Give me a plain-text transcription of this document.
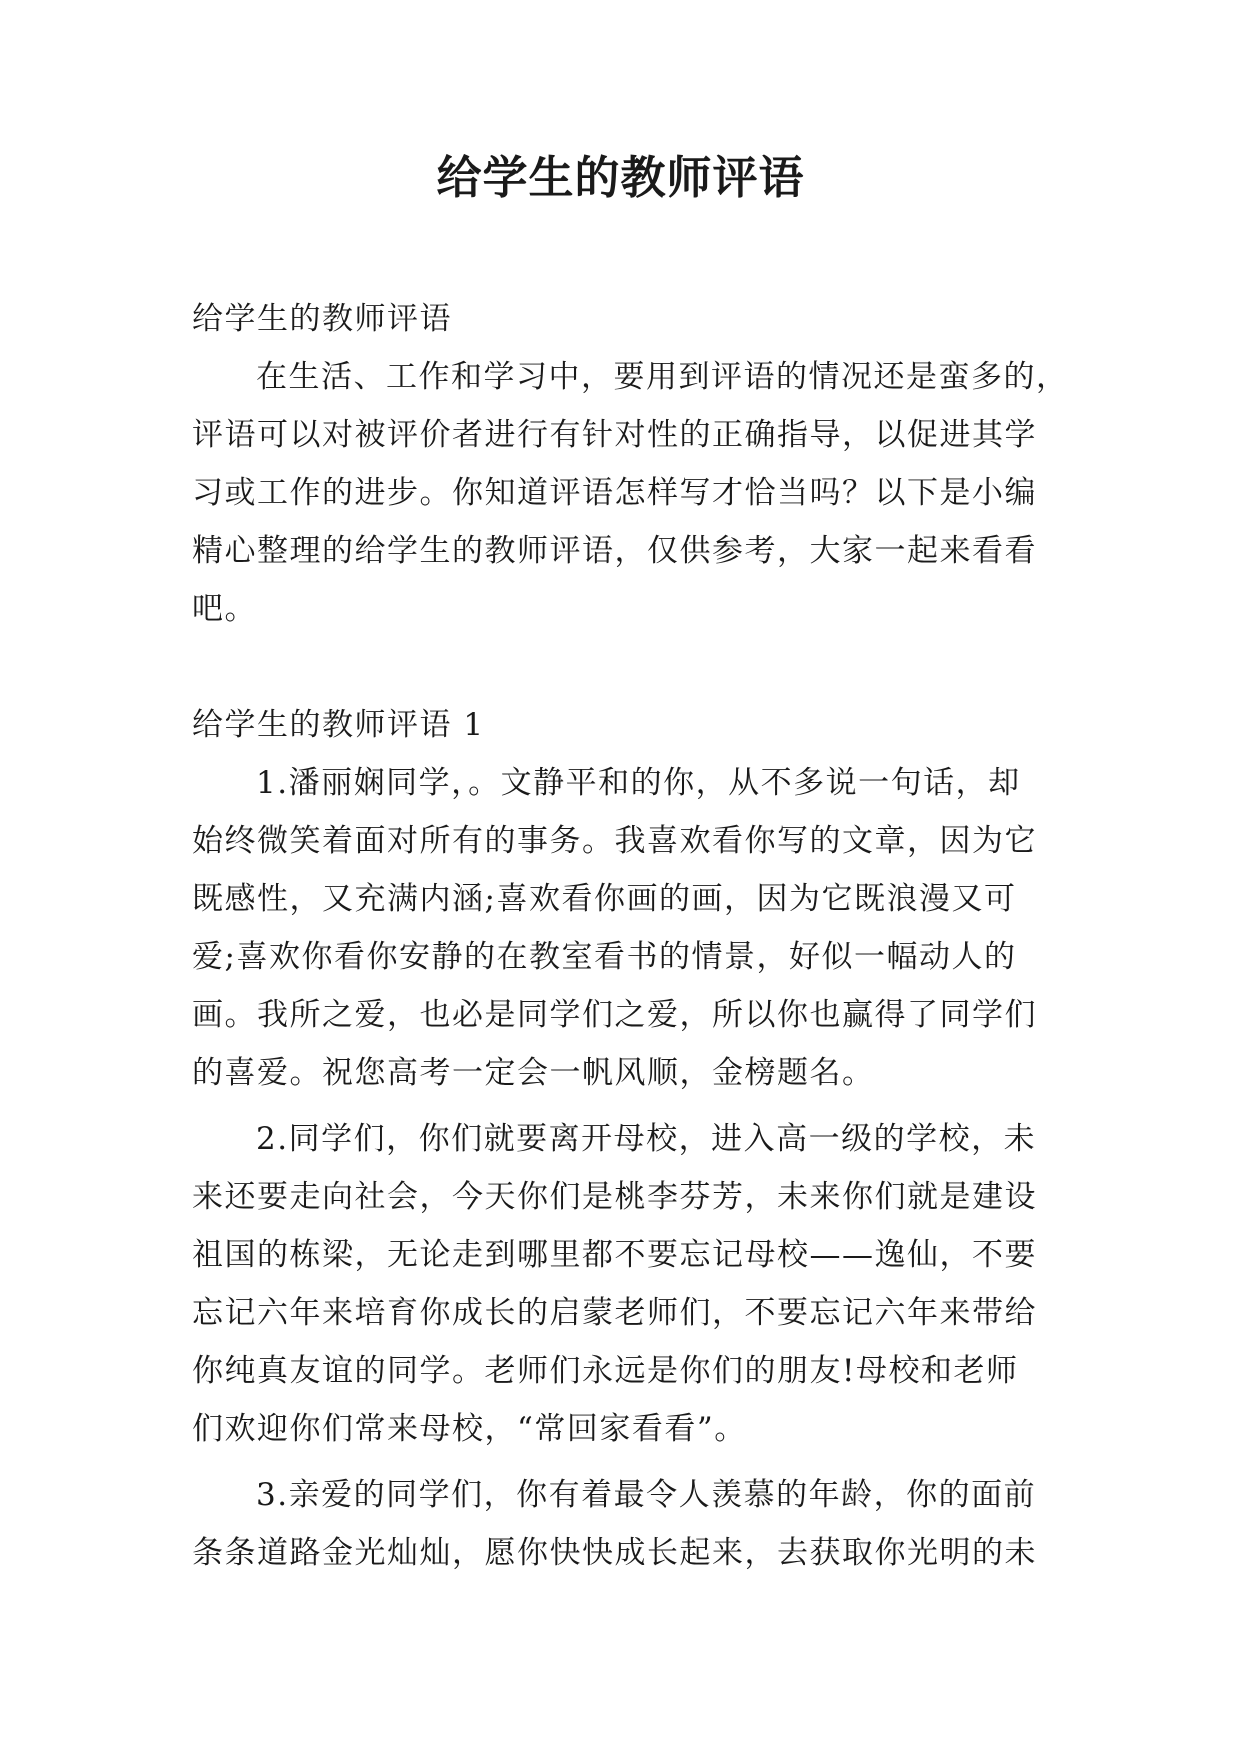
给学生的教师评语
给学生的教师评语
在生活、工作和学习中，要用到评语的情况还是蛮多的，
评语可以对被评价者进行有针对性的正确指导，以促进其学
习或工作的进步。你知道评语怎样写才恰当吗？以下是小编
精心整理的给学生的教师评语，仅供参考，大家一起来看看
吧。
给学生的教师评语 1
1.潘丽娴同学，。文静平和的你，从不多说一句话，却
始终微笑着面对所有的事务。我喜欢看你写的文章，因为它
既感性，又充满内涵;喜欢看你画的画，因为它既浪漫又可
爱;喜欢你看你安静的在教室看书的情景，好似一幅动人的
画。我所之爱，也必是同学们之爱，所以你也赢得了同学们
的喜爱。祝您高考一定会一帆风顺，金榜题名。
2.同学们，你们就要离开母校，进入高一级的学校，未
来还要走向社会，今天你们是桃李芬芳，未来你们就是建设
祖国的栋梁，无论走到哪里都不要忘记母校——逸仙，不要
忘记六年来培育你成长的启蒙老师们，不要忘记六年来带给
你纯真友谊的同学。老师们永远是你们的朋友!母校和老师
们欢迎你们常来母校，“常回家看看”。
3.亲爱的同学们，你有着最令人羡慕的年龄，你的面前
条条道路金光灿灿，愿你快快成长起来，去获取你光明的未
